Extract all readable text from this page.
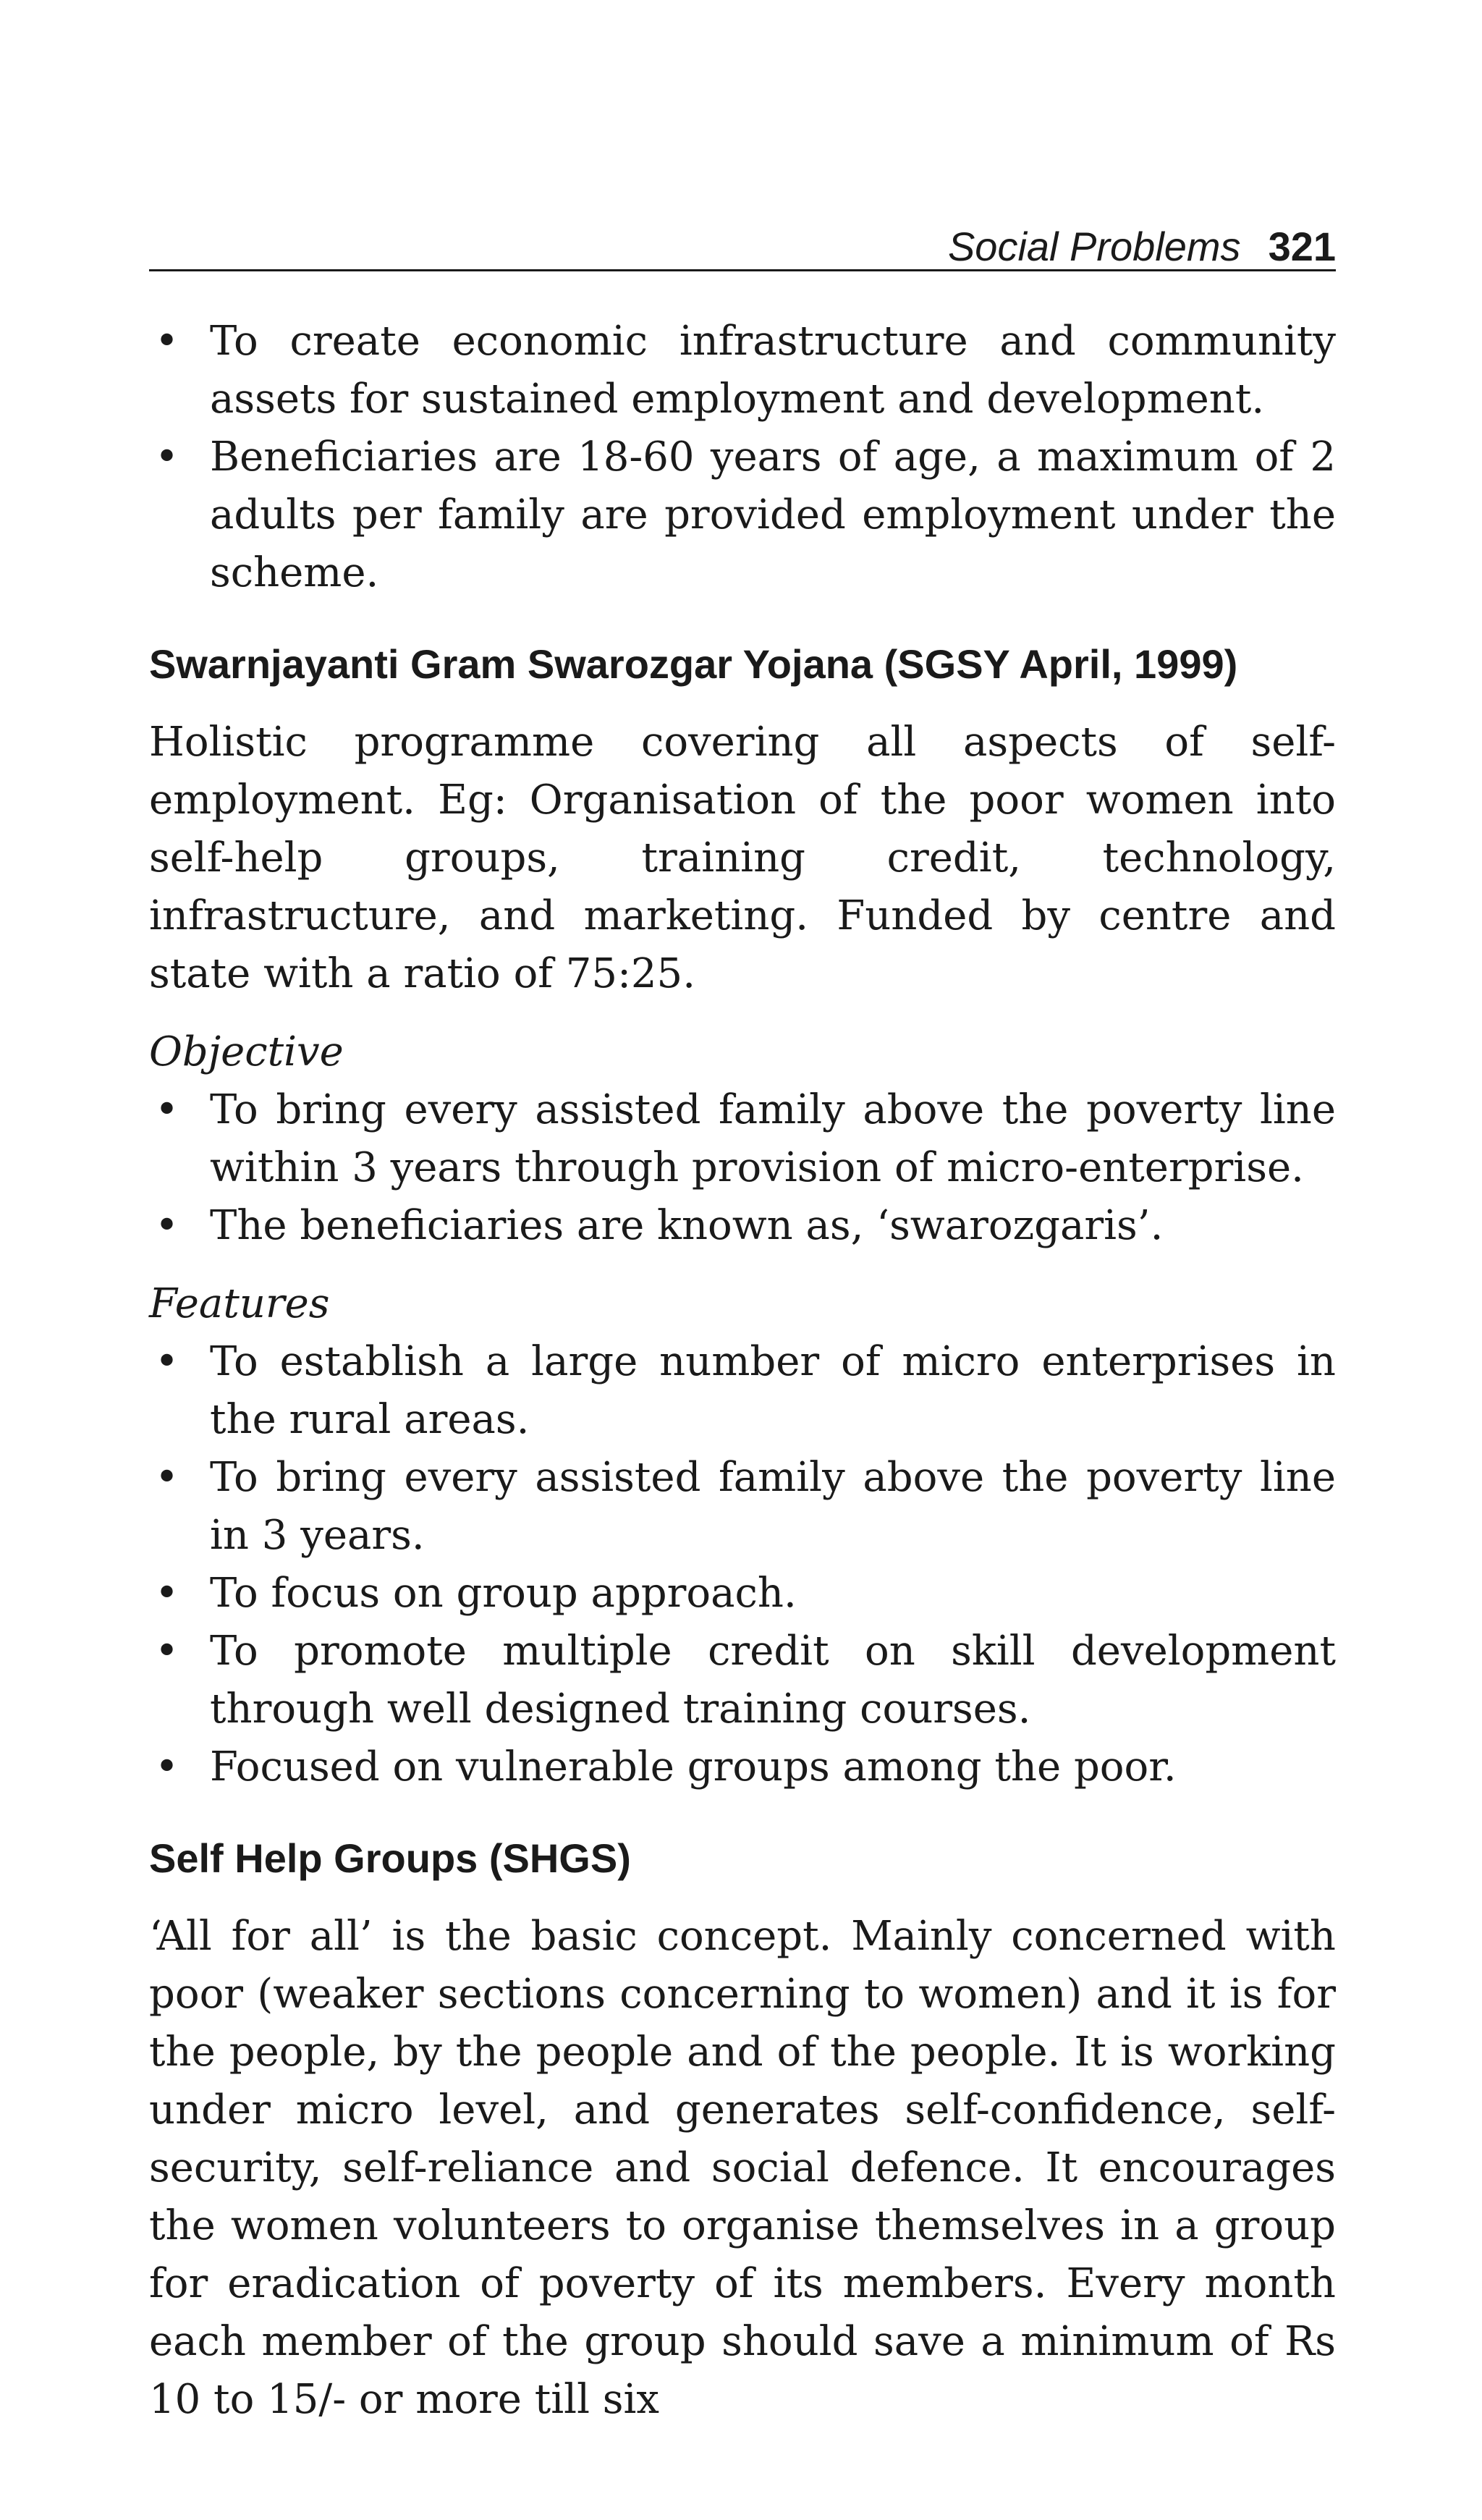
Social Problems 321
• To create economic infrastructure and community assets for sustained employment and development.
• Beneficiaries are 18-60 years of age, a maximum of 2 adults per family are provided employment under the scheme.
Swarnjayanti Gram Swarozgar Yojana (SGSY April, 1999)

Holistic programme covering all aspects of self-employment. Eg: Organisation of the poor women into self-help groups, training credit, technology, infrastructure, and marketing. Funded by centre and state with a ratio of 75:25.

Objective

• To bring every assisted family above the poverty line within 3 years through provision of micro-enterprise.
• The beneficiaries are known as, ‘swarozgaris’.

Features

• To establish a large number of micro enterprises in the rural areas.
• To bring every assisted family above the poverty line in 3 years.
• To focus on group approach.
• To promote multiple credit on skill development through well designed training courses.
• Focused on vulnerable groups among the poor.
Self Help Groups (SHGS)

‘All for all’ is the basic concept. Mainly concerned with poor (weaker sections concerning to women) and it is for the people, by the people and of the people. It is working under micro level, and generates self-confidence, self-security, self-reliance and social defence. It encourages the women volunteers to organise themselves in a group for eradication of poverty of its members. Every month each member of the group should save a minimum of Rs 10 to 15/- or more till six
